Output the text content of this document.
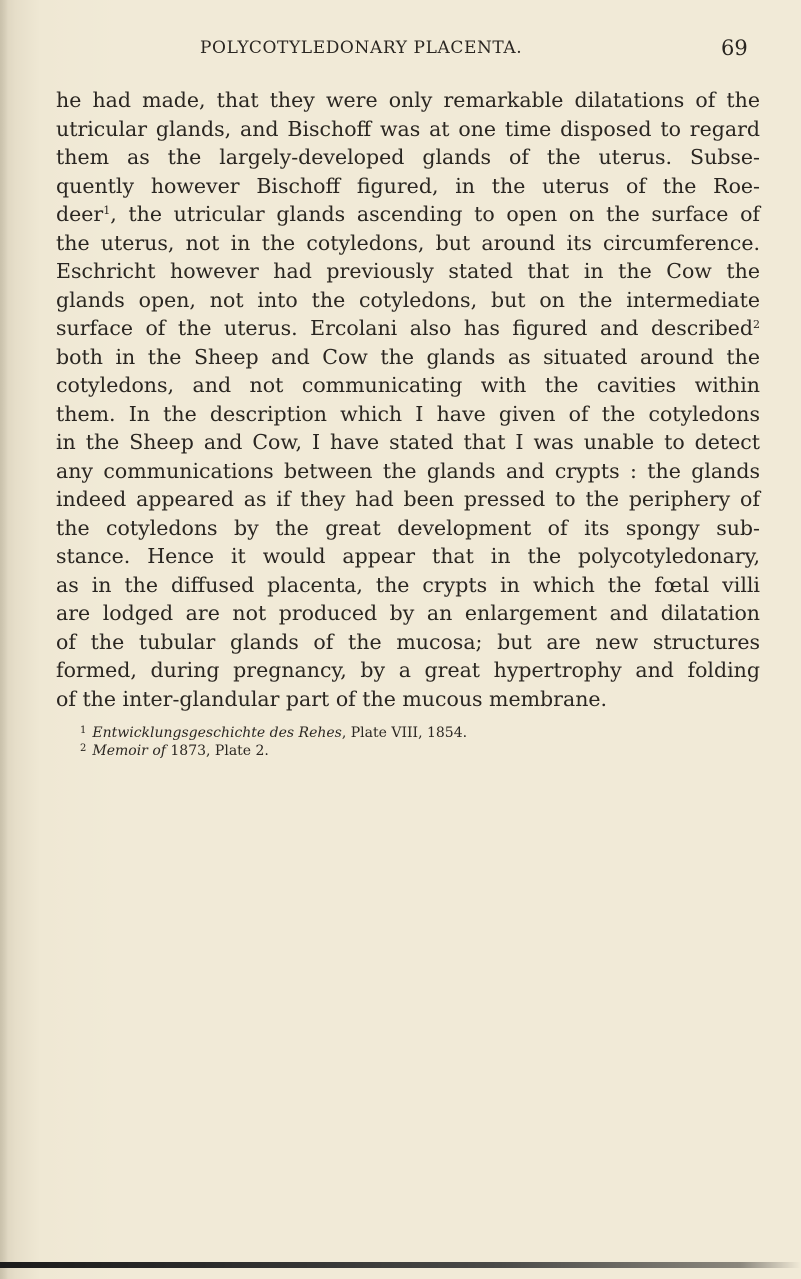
POLYCOTYLEDONARY PLACENTA.	69
he had made, that they were only remarkable dilatations of the
utricular glands, and Bischoff was at one time disposed to regard
them as the largely-developed glands of the uterus. Subse-
quently however Bischoff figured, in the uterus of the Roe-
deer$^1$, the utricular glands ascending to open on the surface of
the uterus, not in the cotyledons, but around its circumference.
Eschricht however had previously stated that in the Cow the
glands open, not into the cotyledons, but on the intermediate
surface of the uterus. Ercolani also has figured and described$^2$
both in the Sheep and Cow the glands as situated around the
cotyledons, and not communicating with the cavities within
them. In the description which I have given of the cotyledons
in the Sheep and Cow, I have stated that I was unable to detect
any communications between the glands and crypts : the glands
indeed appeared as if they had been pressed to the periphery of
the cotyledons by the great development of its spongy sub-
stance. Hence it would appear that in the polycotyledonary,
as in the diffused placenta, the crypts in which the fœtal villi
are lodged are not produced by an enlargement and dilatation
of the tubular glands of the mucosa; but are new structures
formed, during pregnancy, by a great hypertrophy and folding
of the inter-glandular part of the mucous membrane.
1 Entwicklungsgeschichte des Rehes, Plate VIII, 1854.
2 Memoir of 1873, Plate 2.
